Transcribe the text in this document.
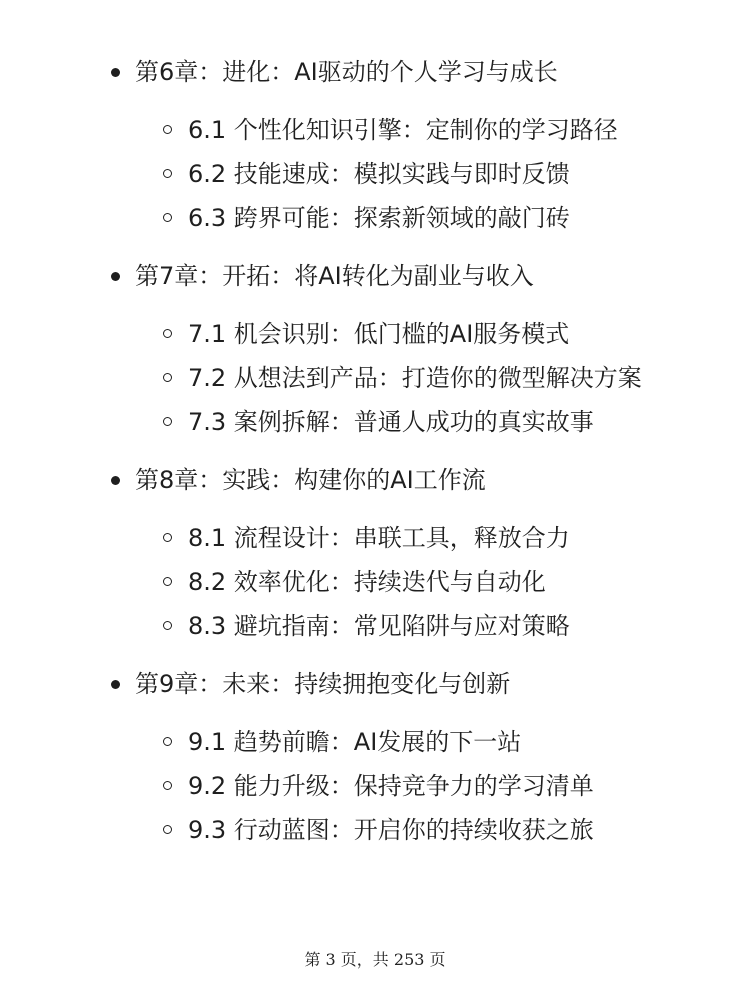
第6章：进化：AI驱动的个人学习与成长
6.1 个性化知识引擎：定制你的学习路径
6.2 技能速成：模拟实践与即时反馈
6.3 跨界可能：探索新领域的敲门砖
第7章：开拓：将AI转化为副业与收入
7.1 机会识别：低门槛的AI服务模式
7.2 从想法到产品：打造你的微型解决方案
7.3 案例拆解：普通人成功的真实故事
第8章：实践：构建你的AI工作流
8.1 流程设计：串联工具，释放合力
8.2 效率优化：持续迭代与自动化
8.3 避坑指南：常见陷阱与应对策略
第9章：未来：持续拥抱变化与创新
9.1 趋势前瞻：AI发展的下一站
9.2 能力升级：保持竞争力的学习清单
9.3 行动蓝图：开启你的持续收获之旅
第 3 页，共 253 页
